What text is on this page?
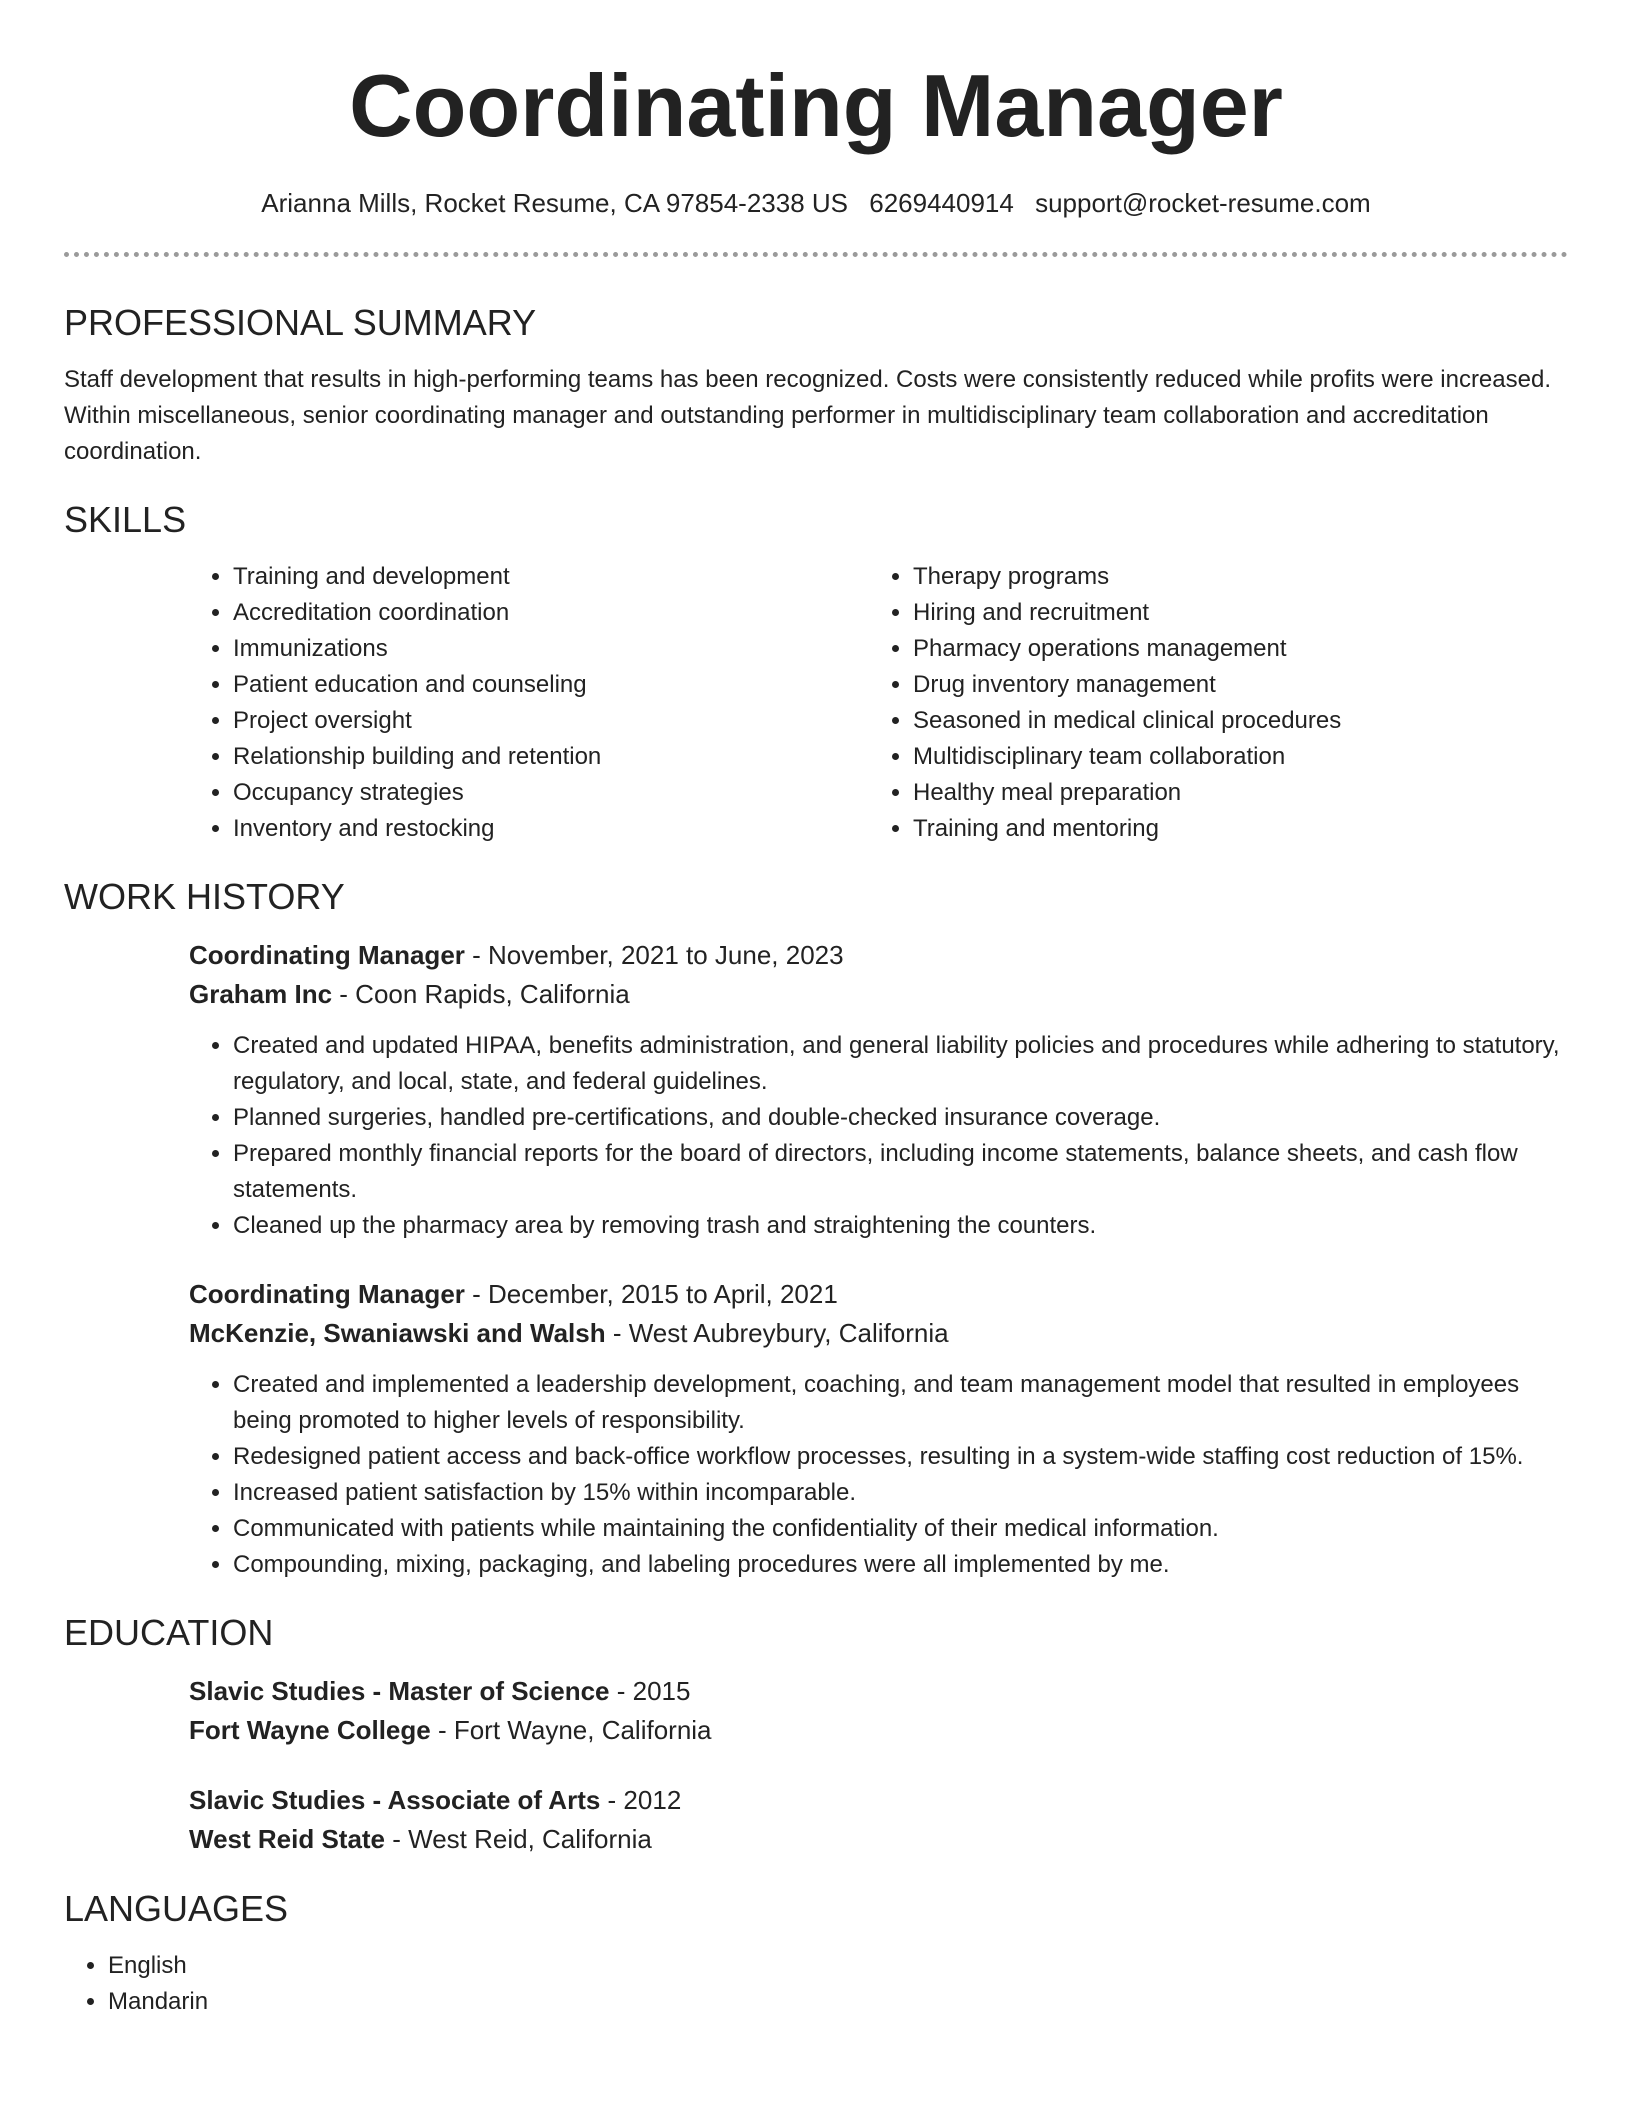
Coordinating Manager
Arianna Mills, Rocket Resume, CA 97854-2338 US 6269440914 support@rocket-resume.com
PROFESSIONAL SUMMARY

Staff development that results in high-performing teams has been recognized. Costs were consistently reduced while profits were increased. Within miscellaneous, senior coordinating manager and outstanding performer in multidisciplinary team collaboration and accreditation coordination.

SKILLS
• Training and development
• Accreditation coordination
• Immunizations
• Patient education and counseling
• Project oversight
• Relationship building and retention
• Occupancy strategies
• Inventory and restocking
• Therapy programs
• Hiring and recruitment
• Pharmacy operations management
• Drug inventory management
• Seasoned in medical clinical procedures
• Multidisciplinary team collaboration
• Healthy meal preparation
• Training and mentoring
WORK HISTORY

Coordinating Manager - November, 2021 to June, 2023

Graham Inc - Coon Rapids, California

• Created and updated HIPAA, benefits administration, and general liability policies and procedures while adhering to statutory, regulatory, and local, state, and federal guidelines.
• Planned surgeries, handled pre-certifications, and double-checked insurance coverage.
• Prepared monthly financial reports for the board of directors, including income statements, balance sheets, and cash flow statements.
• Cleaned up the pharmacy area by removing trash and straightening the counters.

Coordinating Manager - December, 2015 to April, 2021

McKenzie, Swaniawski and Walsh - West Aubreybury, California

• Created and implemented a leadership development, coaching, and team management model that resulted in employees being promoted to higher levels of responsibility.
• Redesigned patient access and back-office workflow processes, resulting in a system-wide staffing cost reduction of 15%.
• Increased patient satisfaction by 15% within incomparable.
• Communicated with patients while maintaining the confidentiality of their medical information.
• Compounding, mixing, packaging, and labeling procedures were all implemented by me.
EDUCATION

Slavic Studies - Master of Science - 2015

Fort Wayne College - Fort Wayne, California

Slavic Studies - Associate of Arts - 2012

West Reid State - West Reid, California

LANGUAGES
• English
• Mandarin
